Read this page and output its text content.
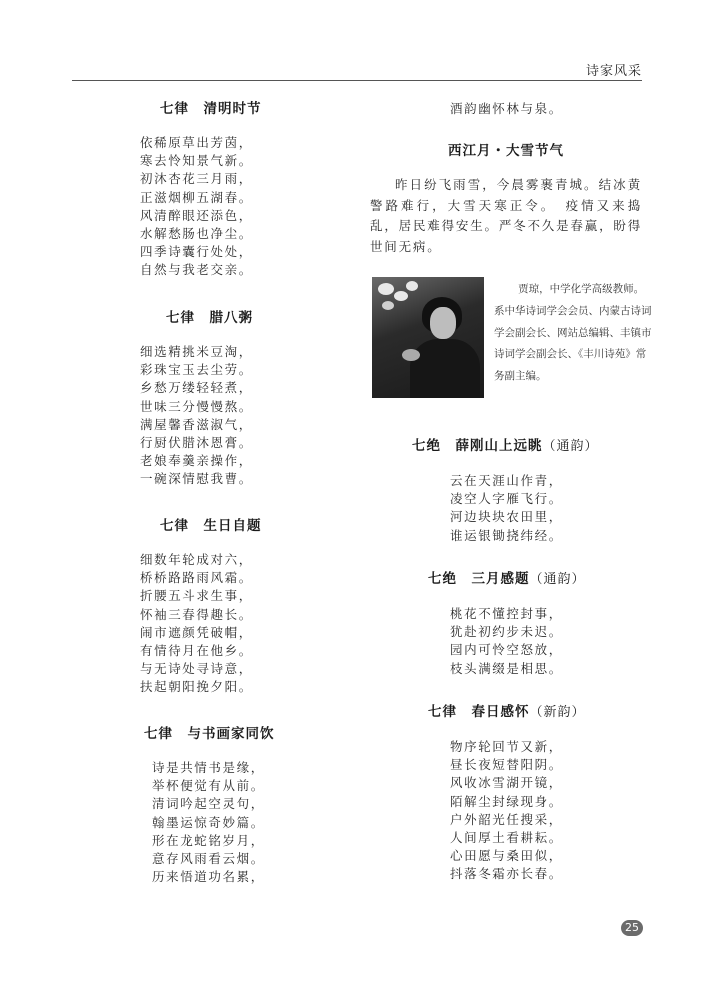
诗家风采
七律　清明时节
依稀原草出芳茵，
寒去怜知景气新。
初沐杏花三月雨，
正滋烟柳五湖春。
风清醉眼还添色，
水解愁肠也净尘。
四季诗囊行处处，
自然与我老交亲。
七律　腊八粥
细选精挑米豆淘，
彩珠宝玉去尘劳。
乡愁万缕轻轻煮，
世味三分慢慢熬。
满屋馨香滋淑气，
行厨伏腊沐恩膏。
老娘奉羹亲操作，
一碗深情慰我曹。
七律　生日自题
细数年轮成对六，
桥桥路路雨风霜。
折腰五斗求生事，
怀袖三春得趣长。
闹市遮颜凭破帽，
有情待月在他乡。
与无诗处寻诗意，
扶起朝阳挽夕阳。
七律　与书画家同饮
诗是共情书是缘，
举杯便觉有从前。
清词吟起空灵句，
翰墨运惊奇妙篇。
形在龙蛇铭岁月，
意存风雨看云烟。
历来悟道功名累，
酒韵幽怀林与泉。
西江月・大雪节气

昨日纷飞雨雪，今晨雾裹青城。结冰黄警路难行，大雪天寒正令。　疫情又来捣乱，居民难得安生。严冬不久是春赢，盼得世间无病。

贾琼，中学化学高级教师。系中华诗词学会会员、内蒙古诗词学会副会长、网站总编辑、丰镇市诗词学会副会长、《丰川诗苑》常务副主编。

七绝　薛刚山上远眺（通韵）
云在天涯山作青，
凌空人字雁飞行。
河边块块农田里，
谁运银锄挠纬经。
七绝　三月感题（通韵）
桃花不懂控封事，
犹赴初约步未迟。
园内可怜空怒放，
枝头满缀是相思。
七律　春日感怀（新韵）
物序轮回节又新，
昼长夜短替阳阴。
风收冰雪湖开镜，
陌解尘封绿现身。
户外韶光任搜采，
人间厚土看耕耘。
心田愿与桑田似，
抖落冬霜亦长春。
25
